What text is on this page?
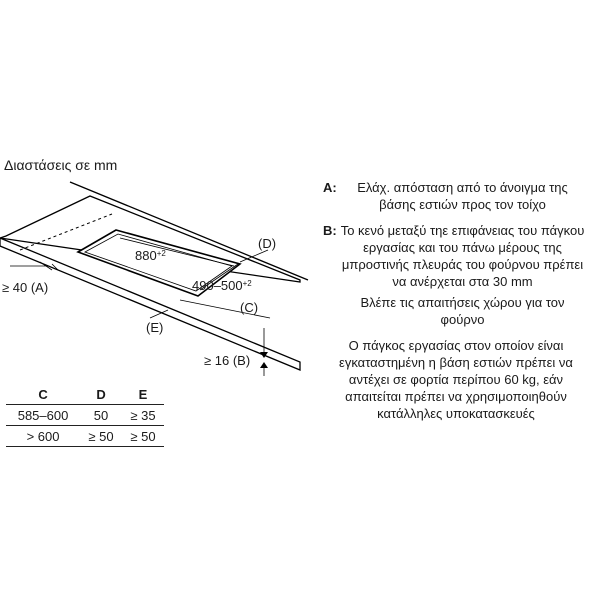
Διαστάσεις σε mm
$880^{+2}$
(D)
$490-500^{+2}$
(C)
≥ 40 (A)
(E)
≥ 16 (B)
A:	Ελάχ. απόσταση από το άνοιγμα της βάσης εστιών προς τον τοίχο
B: Το κενό μεταξύ τηε επιφάνειας του πάγκου εργασίας και του πάνω μέρους της μπροστινής πλευράς του φούρνου πρέπει να ανέρχεται στα 30 mm
Βλέπε τις απαιτήσεις χώρου για τον φούρνο
Ο πάγκος εργασίας στον οποίον είναι εγκαταστημένη η βάση εστιών πρέπει να αντέχει σε φορτία περίπου 60 kg, εάν απαιτείται πρέπει να χρησιμοποιηθούν κατάλληλες υποκατασκευές
C	D	E
585–600	50	≥ 35
> 600	≥ 50	≥ 50
